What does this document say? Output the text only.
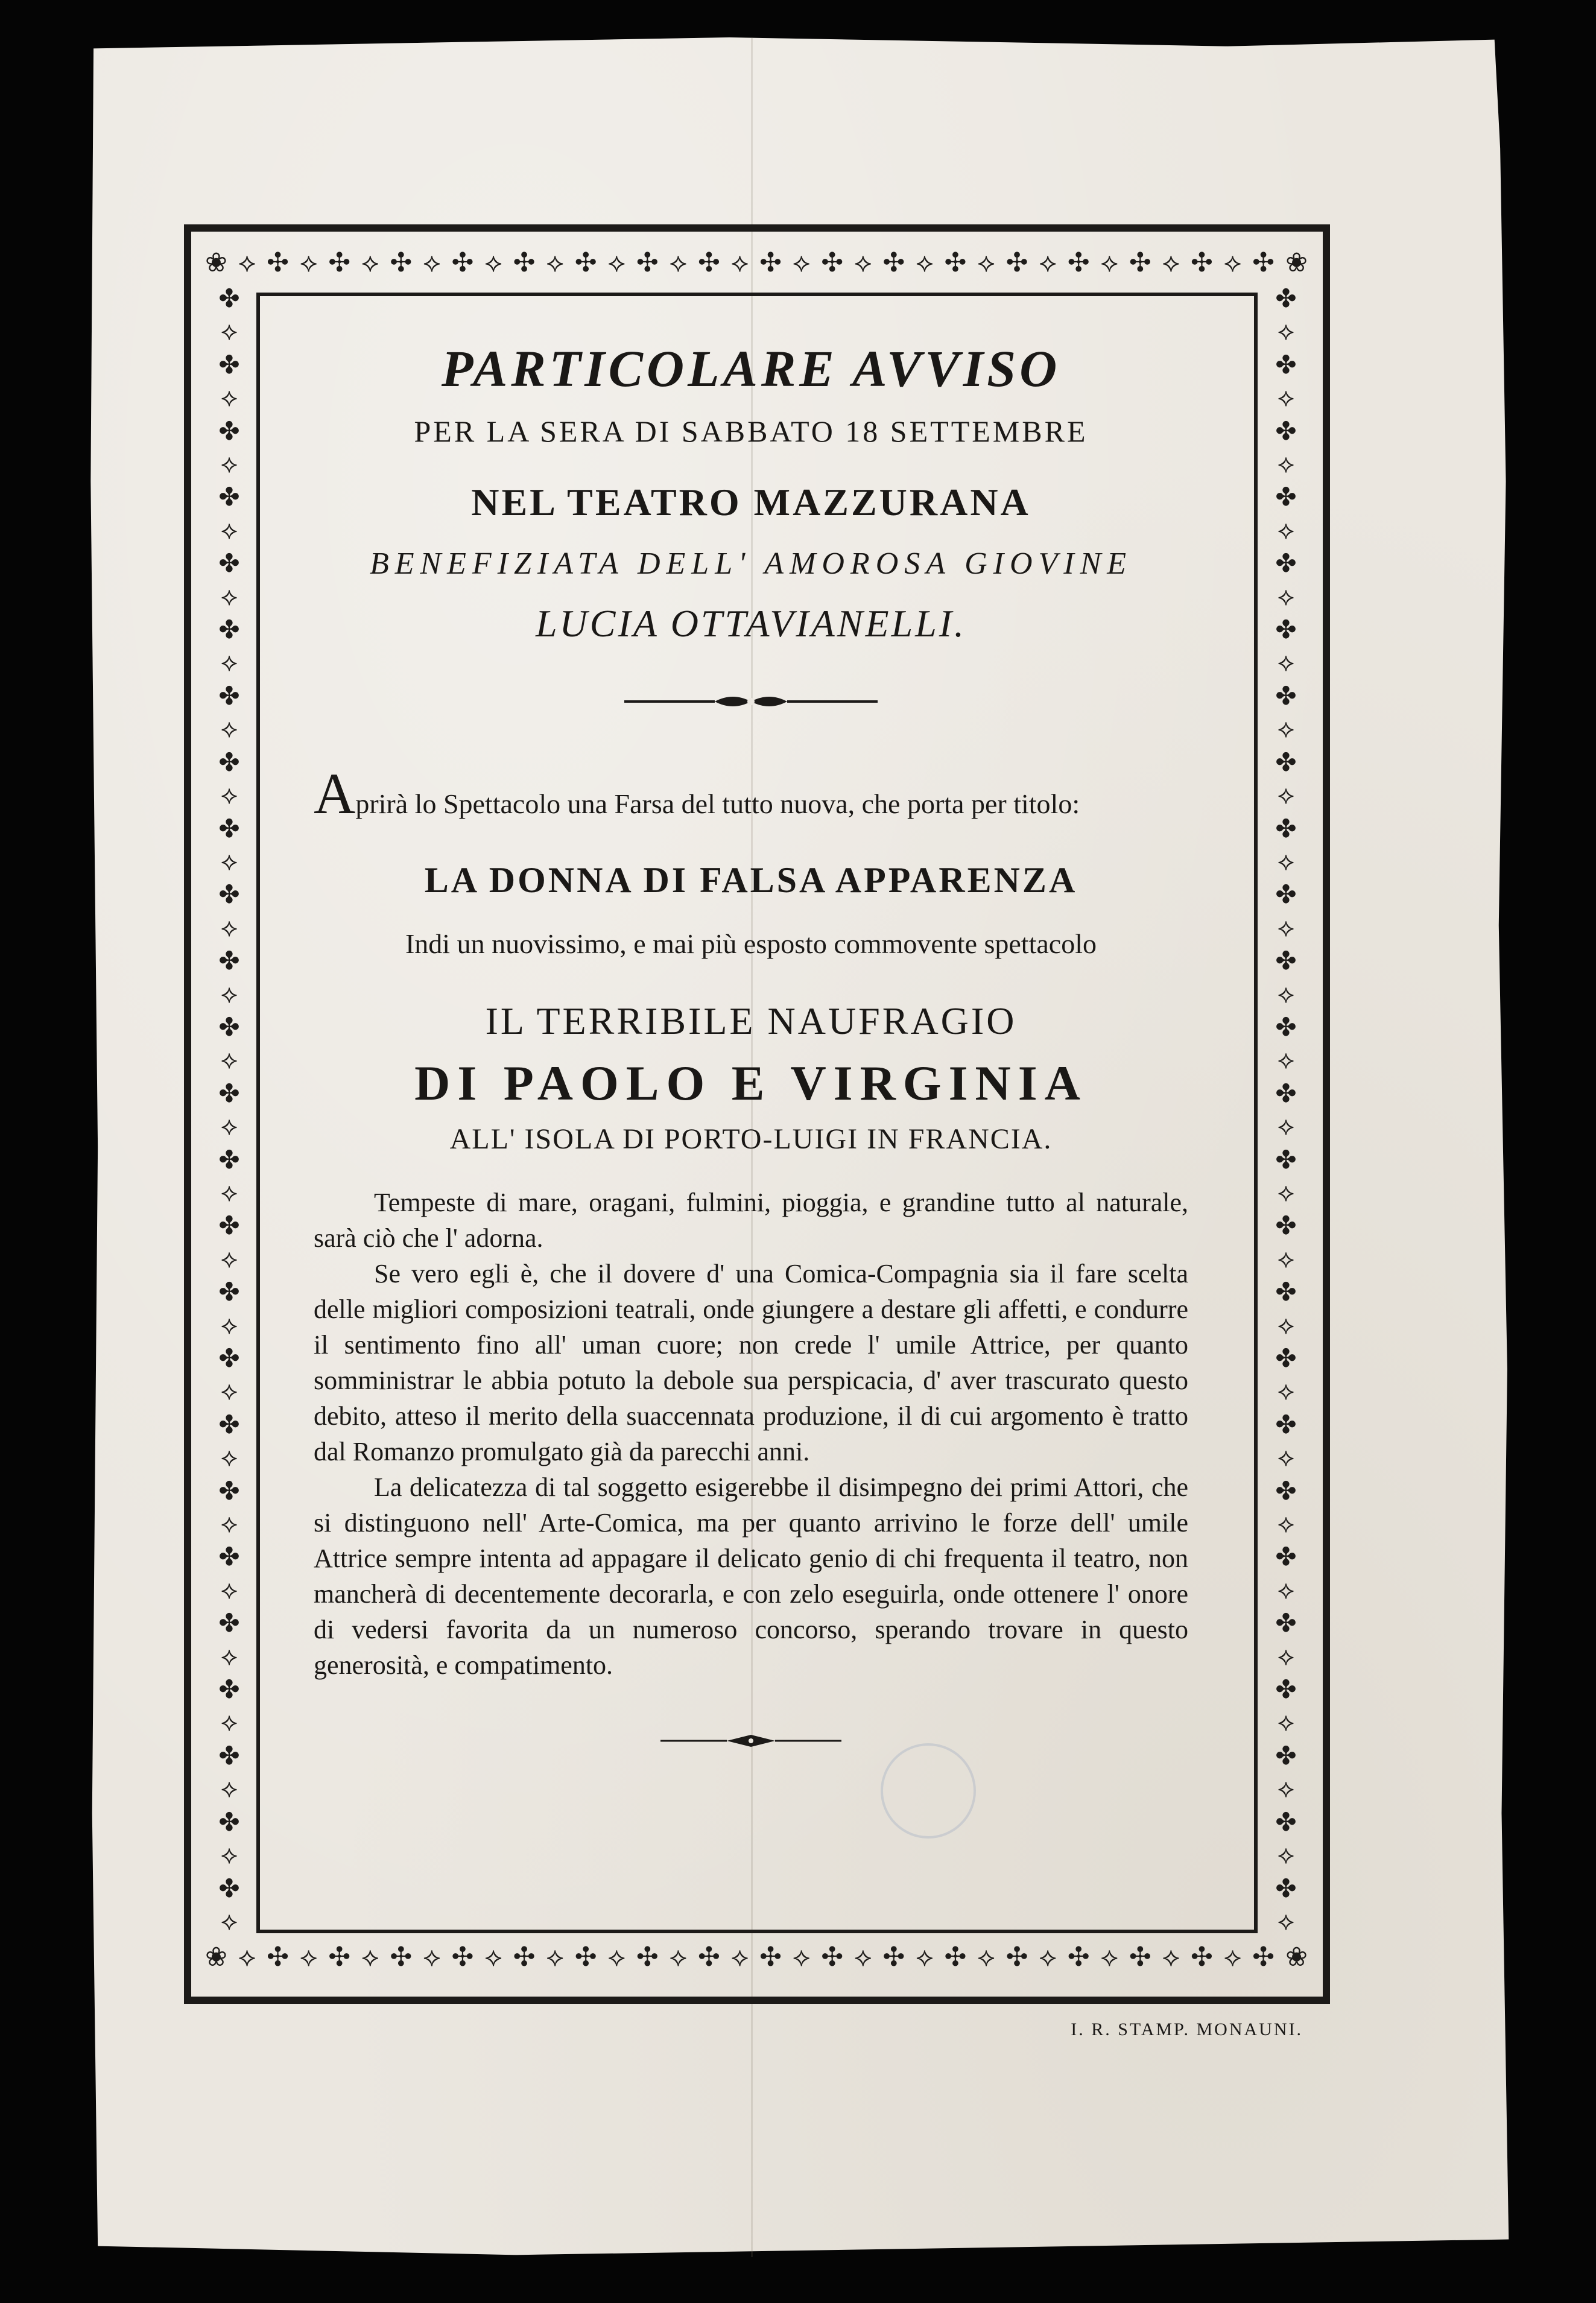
❀ ⟡ ✣ ⟡ ✣ ⟡ ✣ ⟡ ✣ ⟡ ✣ ⟡ ✣ ⟡ ✣ ⟡ ✣ ⟡ ✣ ⟡ ✣ ⟡ ✣ ⟡ ✣ ⟡ ✣ ⟡ ✣ ⟡ ✣ ⟡ ✣ ⟡ ✣ ❀
❀ ⟡ ✣ ⟡ ✣ ⟡ ✣ ⟡ ✣ ⟡ ✣ ⟡ ✣ ⟡ ✣ ⟡ ✣ ⟡ ✣ ⟡ ✣ ⟡ ✣ ⟡ ✣ ⟡ ✣ ⟡ ✣ ⟡ ✣ ⟡ ✣ ⟡ ✣ ❀
✤
⟡
✤
⟡
✤
⟡
✤
⟡
✤
⟡
✤
⟡
✤
⟡
✤
⟡
✤
⟡
✤
⟡
✤
⟡
✤
⟡
✤
⟡
✤
⟡
✤
⟡
✤
⟡
✤
⟡
✤
⟡
✤
⟡
✤
⟡
✤
⟡
✤
⟡
✤
⟡
✤
⟡
✤
⟡
✤
⟡
✤
⟡
✤
⟡
✤
⟡
✤
⟡
✤
⟡
✤
⟡
✤
⟡
✤
⟡
✤
⟡
✤
⟡
✤
⟡
✤
⟡
✤
⟡
✤
⟡
✤
⟡
✤
⟡
✤
⟡
✤
⟡
✤
⟡
✤
⟡
✤
⟡
✤
⟡
✤
⟡
✤
⟡
PARTICOLARE AVVISO
PER LA SERA DI SABBATO 18 SETTEMBRE
NEL TEATRO MAZZURANA
BENEFIZIATA DELL' AMOROSA GIOVINE
LUCIA OTTAVIANELLI.
Aprirà lo Spettacolo una Farsa del tutto nuova, che porta per titolo:
LA DONNA DI FALSA APPARENZA
Indi un nuovissimo, e mai più esposto commovente spettacolo
IL TERRIBILE NAUFRAGIO
DI PAOLO E VIRGINIA
ALL' ISOLA DI PORTO-LUIGI IN FRANCIA.

Tempeste di mare, oragani, fulmini, pioggia, e grandine tutto al naturale, sarà ciò che l' adorna.

Se vero egli è, che il dovere d' una Comica-Compagnia sia il fare scelta delle migliori composizioni teatrali, onde giungere a destare gli affetti, e condurre il sentimento fino all' uman cuore; non crede l' umile Attrice, per quanto somministrar le abbia potuto la debole sua perspicacia, d' aver trascurato questo debito, atteso il merito della suaccennata produzione, il di cui argomento è tratto dal Romanzo promulgato già da parecchi anni.

La delicatezza di tal soggetto esigerebbe il disimpegno dei primi Attori, che si distinguono nell' Arte-Comica, ma per quanto arrivino le forze dell' umile Attrice sempre intenta ad appagare il delicato genio di chi frequenta il teatro, non mancherà di decentemente decorarla, e con zelo eseguirla, onde ottenere l' onore di vedersi favorita da un numeroso concorso, sperando trovare in questo generosità, e compatimento.

I. R. STAMP. MONAUNI.
